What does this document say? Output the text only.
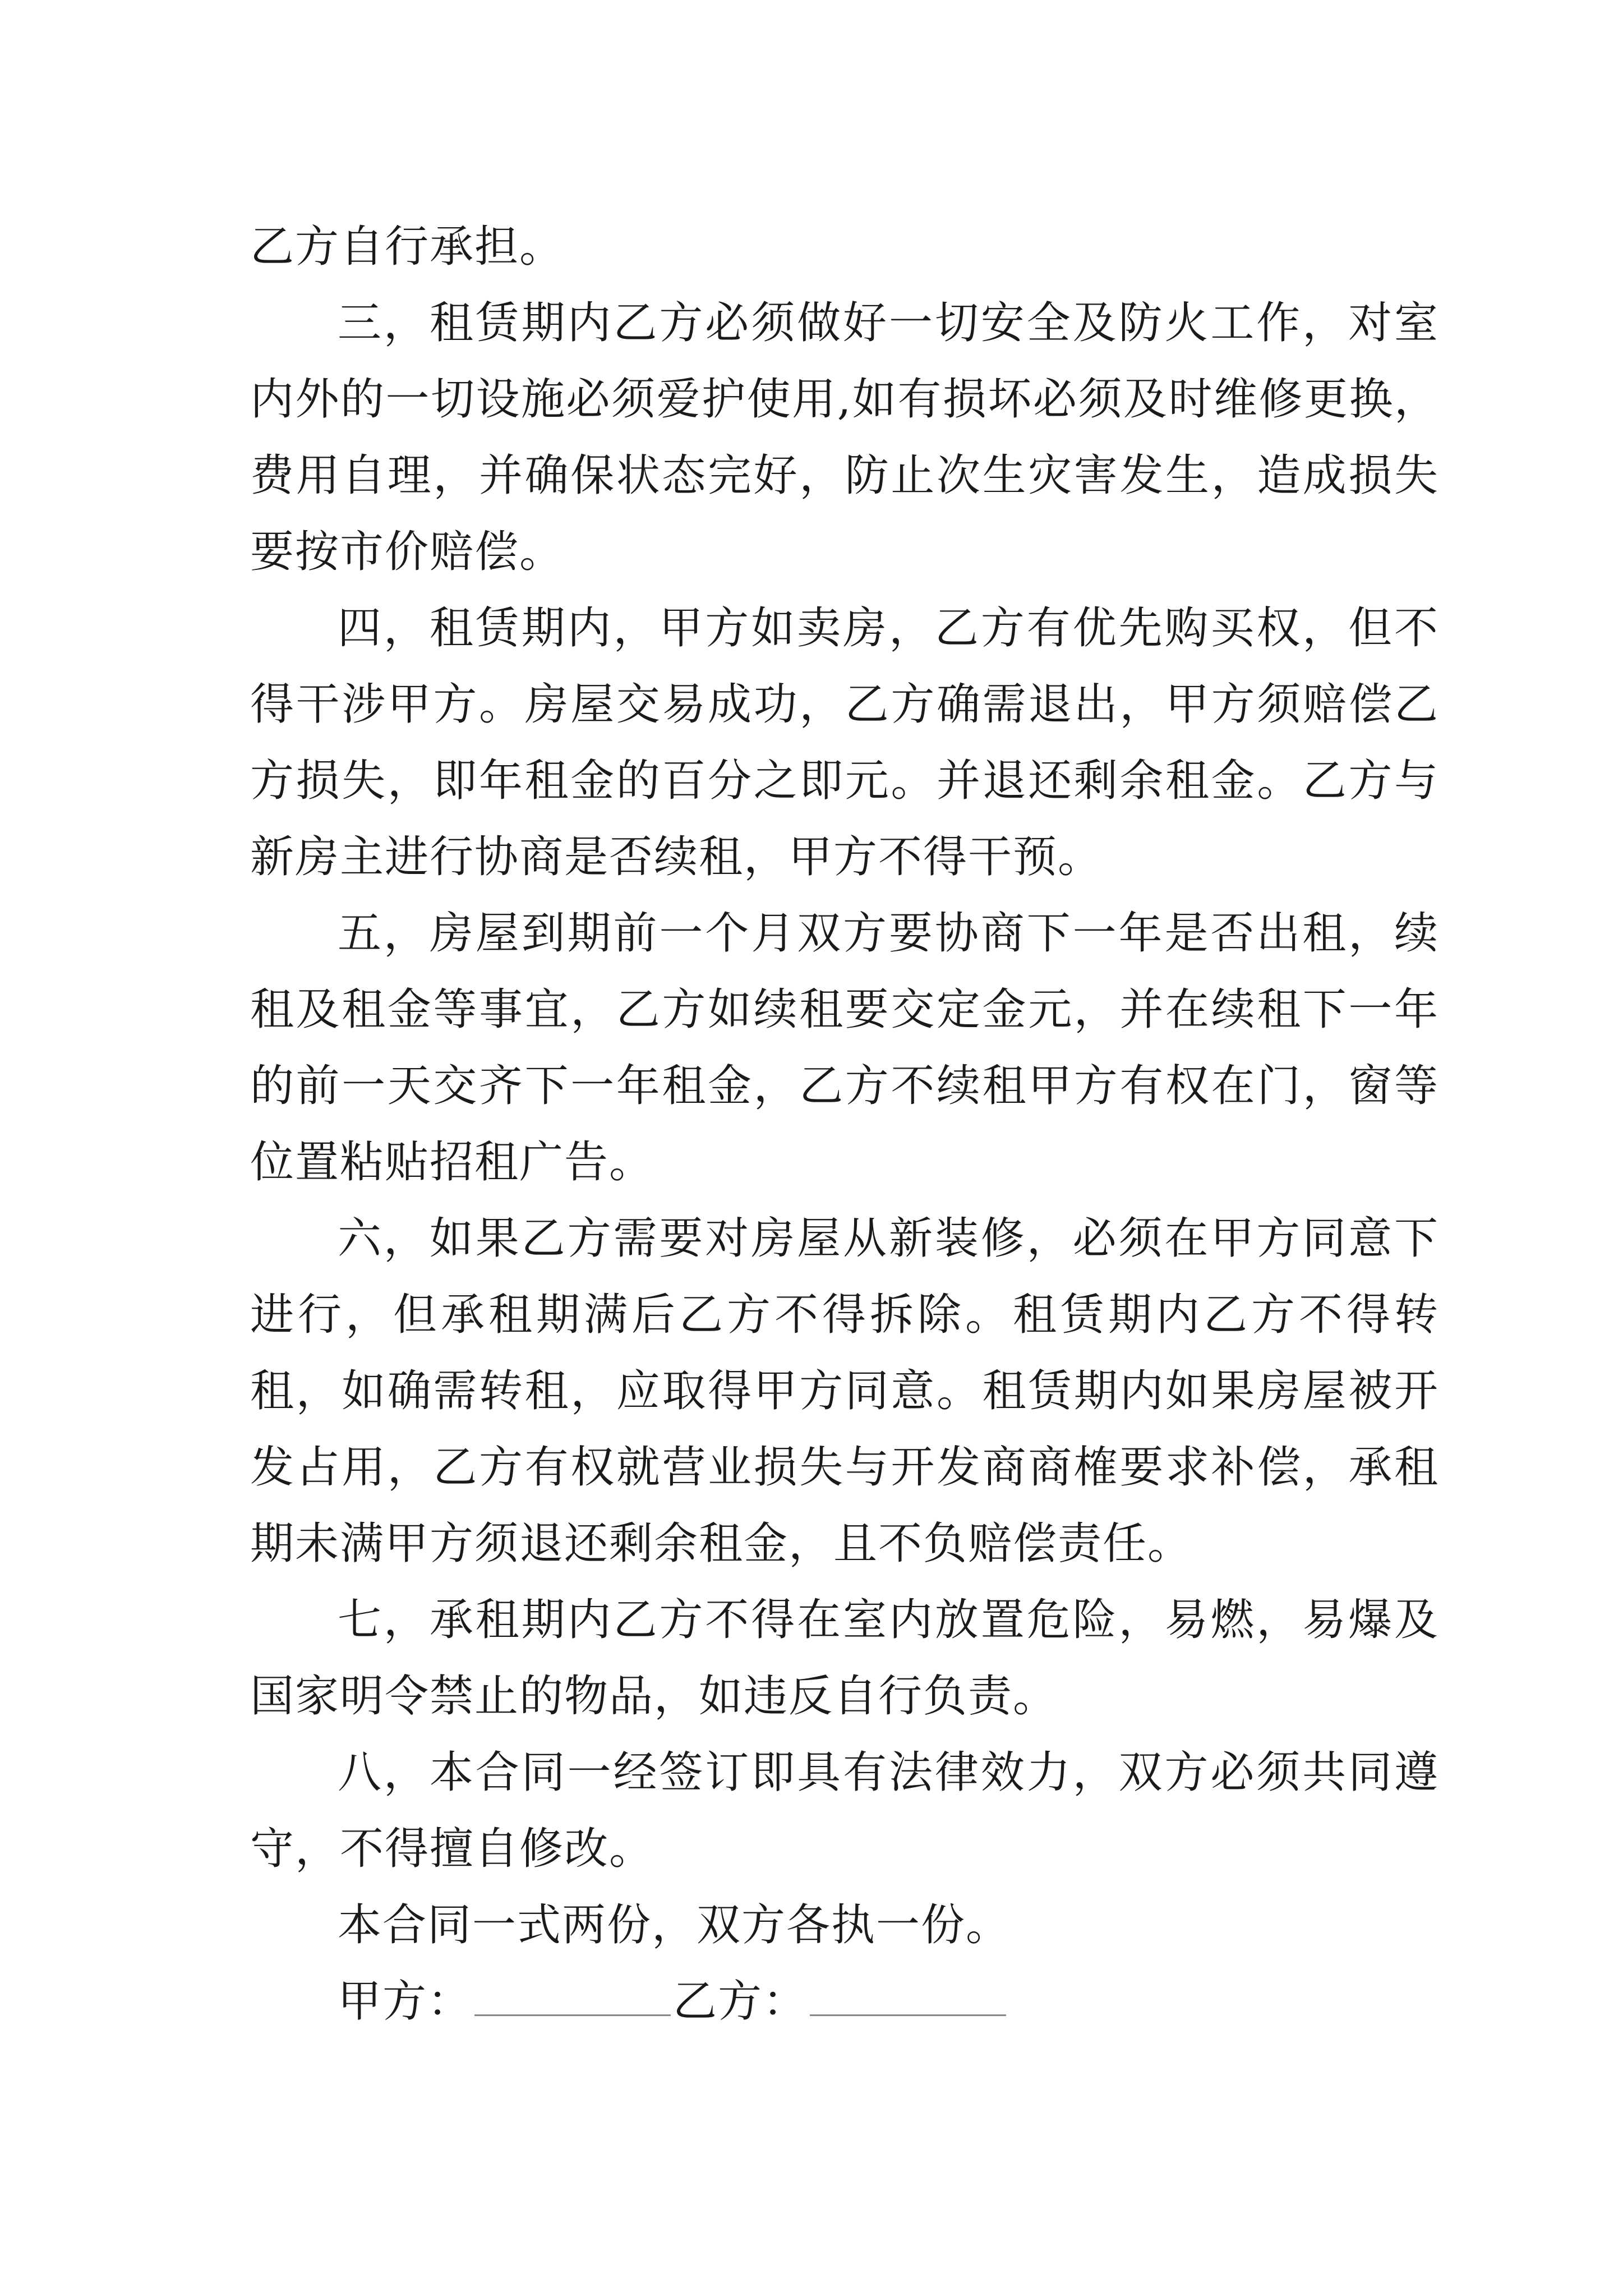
乙方自行承担。

三，租赁期内乙方必须做好一切安全及防火工作，对室内外的一切设施必须爱护使用,如有损坏必须及时维修更换，费用自理，并确保状态完好，防止次生灾害发生，造成损失要按市价赔偿。

四，租赁期内，甲方如卖房，乙方有优先购买权，但不得干涉甲方。房屋交易成功，乙方确需退出，甲方须赔偿乙方损失，即年租金的百分之即元。并退还剩余租金。乙方与新房主进行协商是否续租，甲方不得干预。

五，房屋到期前一个月双方要协商下一年是否出租，续租及租金等事宜，乙方如续租要交定金元，并在续租下一年的前一天交齐下一年租金，乙方不续租甲方有权在门，窗等位置粘贴招租广告。

六，如果乙方需要对房屋从新装修，必须在甲方同意下进行，但承租期满后乙方不得拆除。租赁期内乙方不得转租，如确需转租，应取得甲方同意。租赁期内如果房屋被开发占用，乙方有权就营业损失与开发商商榷要求补偿，承租期未满甲方须退还剩余租金，且不负赔偿责任。

七，承租期内乙方不得在室内放置危险，易燃，易爆及国家明令禁止的物品，如违反自行负责。

八，本合同一经签订即具有法律效力，双方必须共同遵守，不得擅自修改。

本合同一式两份，双方各执一份。

甲方：	乙方：
